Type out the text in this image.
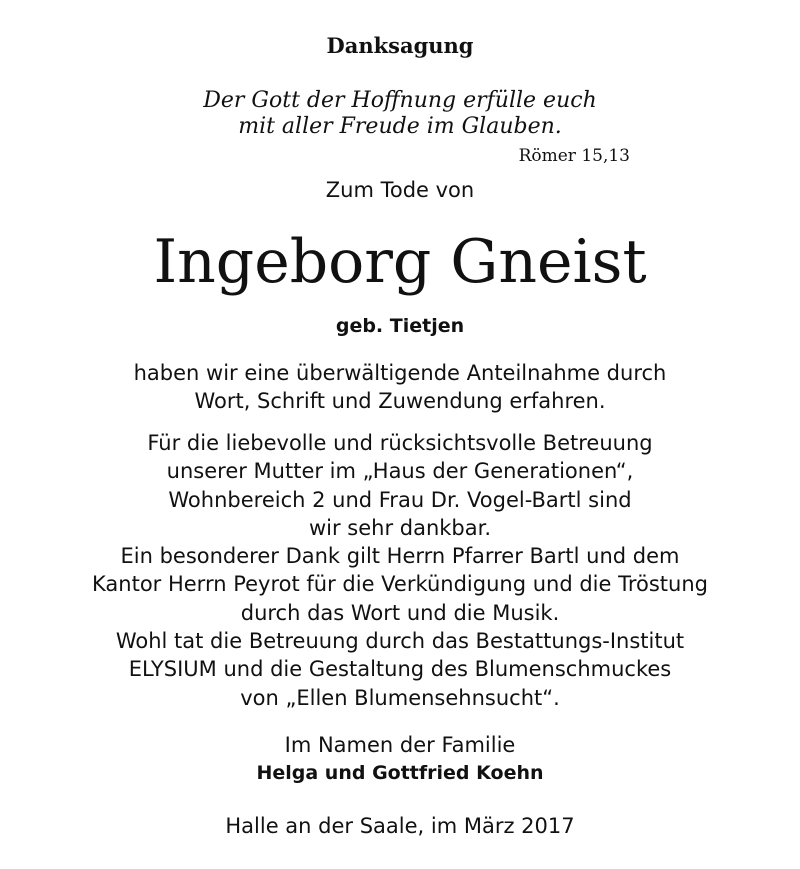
Danksagung
Der Gott der Hoffnung erfülle euch
mit aller Freude im Glauben.
Römer 15,13
Zum Tode von
Ingeborg Gneist
geb. Tietjen
haben wir eine überwältigende Anteilnahme durch
Wort, Schrift und Zuwendung erfahren.
Für die liebevolle und rücksichtsvolle Betreuung
unserer Mutter im „Haus der Generationen“,
Wohnbereich 2 und Frau Dr. Vogel-Bartl sind
wir sehr dankbar.
Ein besonderer Dank gilt Herrn Pfarrer Bartl und dem
Kantor Herrn Peyrot für die Verkündigung und die Tröstung
durch das Wort und die Musik.
Wohl tat die Betreuung durch das Bestattungs-Institut
ELYSIUM und die Gestaltung des Blumenschmuckes
von „Ellen Blumensehnsucht“.
Im Namen der Familie
Helga und Gottfried Koehn
Halle an der Saale, im März 2017
